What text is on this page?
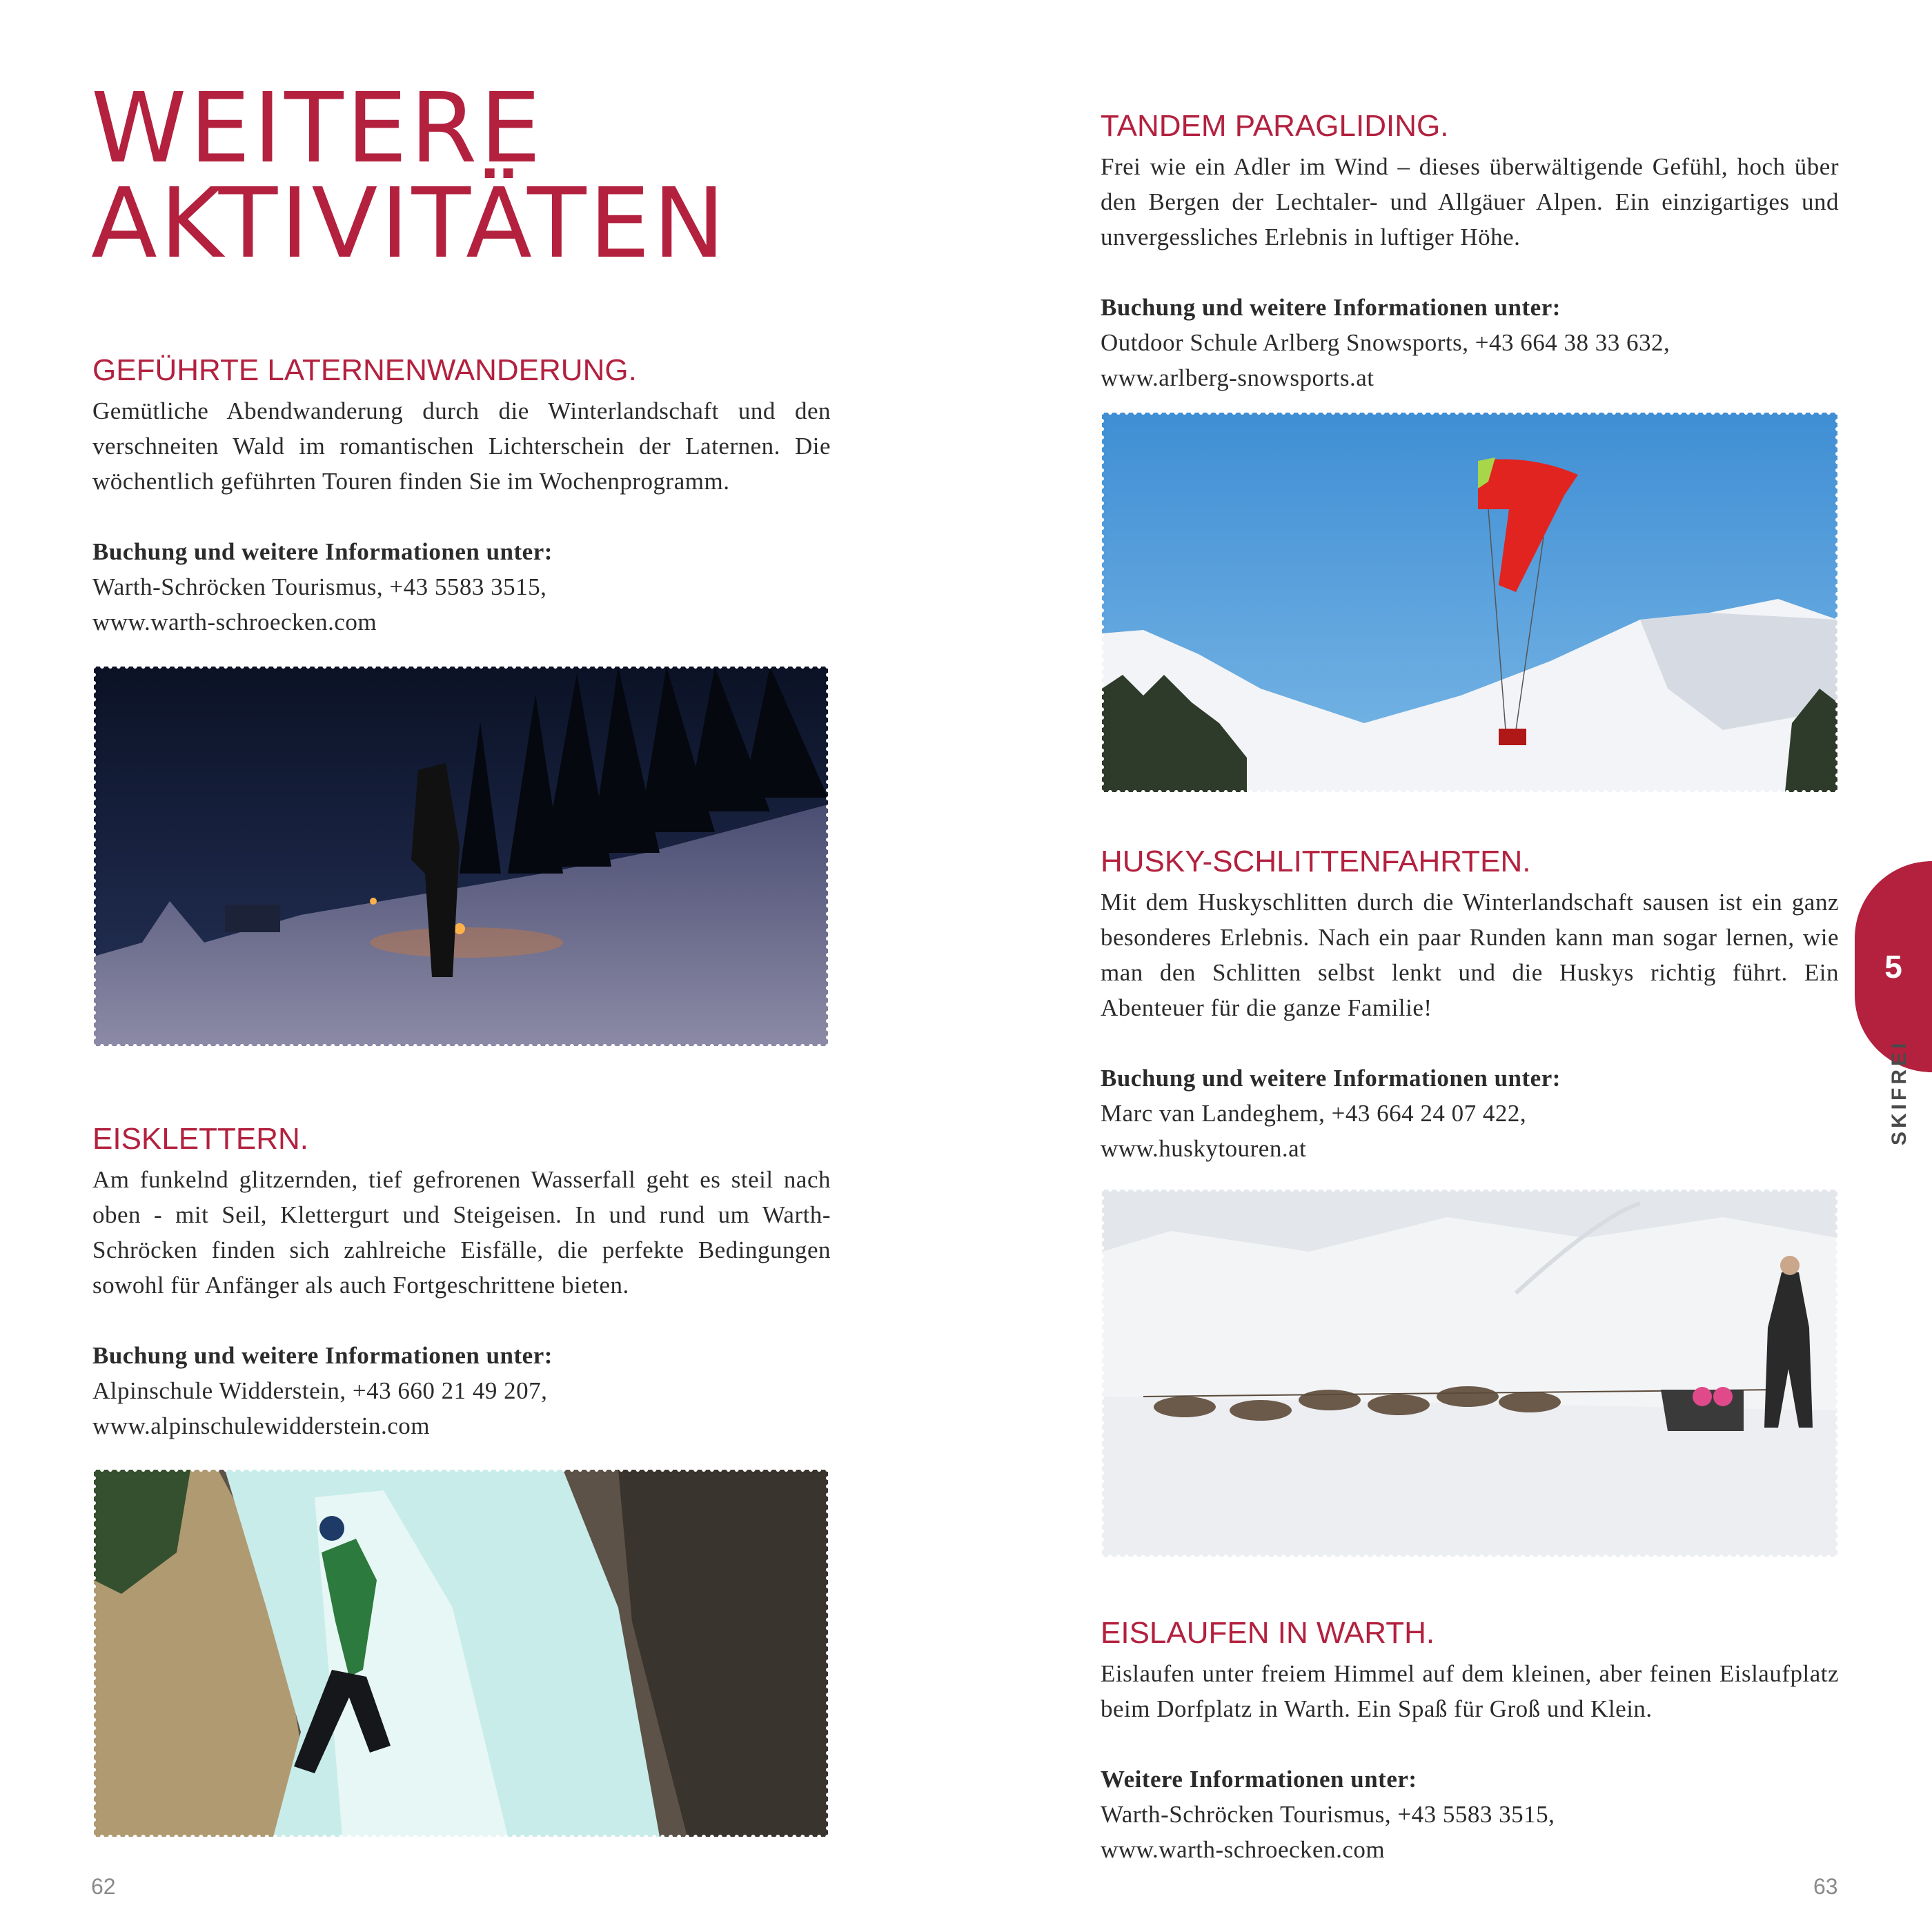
WEITERE
AKTIVITÄTEN
GEFÜHRTE LATERNENWANDERUNG.

Gemütliche Abendwanderung durch die Winterlandschaft und den verschneiten Wald im romantischen Lichterschein der Laternen. Die wöchentlich geführten Touren finden Sie im Wochenprogramm.

Buchung und weitere Informationen unter:

Warth-Schröcken Tourismus, +43 5583 3515,

www.warth-schroecken.com

EISKLETTERN.

Am funkelnd glitzernden, tief gefrorenen Wasserfall geht es steil nach oben - mit Seil, Klettergurt und Steigeisen. In und rund um Warth-Schröcken finden sich zahlreiche Eisfälle, die perfekte Bedingungen sowohl für Anfänger als auch Fortgeschrittene bieten.

Buchung und weitere Informationen unter:

Alpinschule Widderstein, +43 660 21 49 207,

www.alpinschulewidderstein.com

TANDEM PARAGLIDING.

Frei wie ein Adler im Wind – dieses überwältigende Gefühl, hoch über den Bergen der Lechtaler- und Allgäuer Alpen. Ein einzigartiges und unvergessliches Erlebnis in luftiger Höhe.

Buchung und weitere Informationen unter:

Outdoor Schule Arlberg Snowsports, +43 664 38 33 632,

www.arlberg-snowsports.at

HUSKY-SCHLITTENFAHRTEN.

Mit dem Huskyschlitten durch die Winterlandschaft sausen ist ein ganz besonderes Erlebnis. Nach ein paar Runden kann man sogar lernen, wie man den Schlitten selbst lenkt und die Huskys richtig führt. Ein Abenteuer für die ganze Familie!

Buchung und weitere Informationen unter:

Marc van Landeghem, +43 664 24 07 422,

www.huskytouren.at

EISLAUFEN IN WARTH.

Eislaufen unter freiem Himmel auf dem kleinen, aber feinen Eislaufplatz beim Dorfplatz in Warth. Ein Spaß für Groß und Klein.

Weitere Informationen unter:

Warth-Schröcken Tourismus, +43 5583 3515,

www.warth-schroecken.com

62	63
5
SKIFREI
